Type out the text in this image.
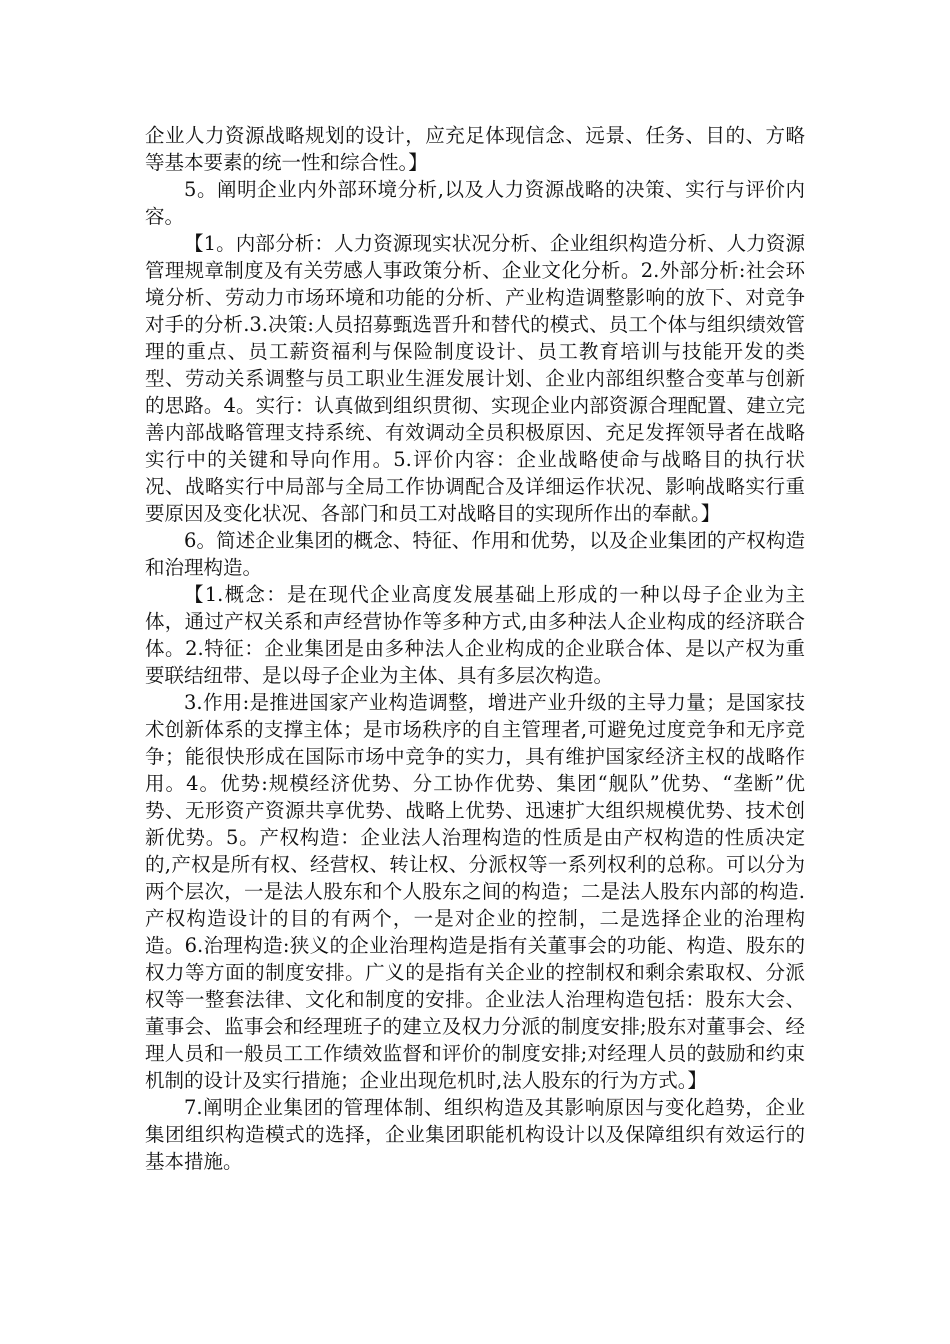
企业人力资源战略规划的设计，应充足体现信念、远景、任务、目的、方略等基本要素的统一性和综合性。】

5。阐明企业内外部环境分析,以及人力资源战略的决策、实行与评价内容。

【1。内部分析：人力资源现实状况分析、企业组织构造分析、人力资源管理规章制度及有关劳感人事政策分析、企业文化分析。2.外部分析:社会环境分析、劳动力市场环境和功能的分析、产业构造调整影响的放下、对竞争对手的分析.3.决策:人员招募甄选晋升和替代的模式、员工个体与组织绩效管理的重点、员工薪资福利与保险制度设计、员工教育培训与技能开发的类型、劳动关系调整与员工职业生涯发展计划、企业内部组织整合变革与创新的思路。4。实行：认真做到组织贯彻、实现企业内部资源合理配置、建立完善内部战略管理支持系统、有效调动全员积极原因、充足发挥领导者在战略实行中的关键和导向作用。5.评价内容：企业战略使命与战略目的执行状况、战略实行中局部与全局工作协调配合及详细运作状况、影响战略实行重要原因及变化状况、各部门和员工对战略目的实现所作出的奉献。】

6。简述企业集团的概念、特征、作用和优势，以及企业集团的产权构造和治理构造。

【1.概念：是在现代企业高度发展基础上形成的一种以母子企业为主体，通过产权关系和声经营协作等多种方式,由多种法人企业构成的经济联合体。2.特征：企业集团是由多种法人企业构成的企业联合体、是以产权为重要联结纽带、是以母子企业为主体、具有多层次构造。

3.作用:是推进国家产业构造调整，增进产业升级的主导力量；是国家技术创新体系的支撑主体；是市场秩序的自主管理者,可避免过度竞争和无序竞争；能很快形成在国际市场中竞争的实力，具有维护国家经济主权的战略作用。4。优势:规模经济优势、分工协作优势、集团“舰队”优势、“垄断”优势、无形资产资源共享优势、战略上优势、迅速扩大组织规模优势、技术创新优势。5。产权构造：企业法人治理构造的性质是由产权构造的性质决定的,产权是所有权、经营权、转让权、分派权等一系列权利的总称。可以分为两个层次，一是法人股东和个人股东之间的构造；二是法人股东内部的构造.产权构造设计的目的有两个，一是对企业的控制，二是选择企业的治理构造。6.治理构造:狭义的企业治理构造是指有关董事会的功能、构造、股东的权力等方面的制度安排。广义的是指有关企业的控制权和剩余索取权、分派权等一整套法律、文化和制度的安排。企业法人治理构造包括：股东大会、董事会、监事会和经理班子的建立及权力分派的制度安排;股东对董事会、经理人员和一般员工工作绩效监督和评价的制度安排;对经理人员的鼓励和约束机制的设计及实行措施；企业出现危机时,法人股东的行为方式。】

7.阐明企业集团的管理体制、组织构造及其影响原因与变化趋势，企业集团组织构造模式的选择，企业集团职能机构设计以及保障组织有效运行的基本措施。
